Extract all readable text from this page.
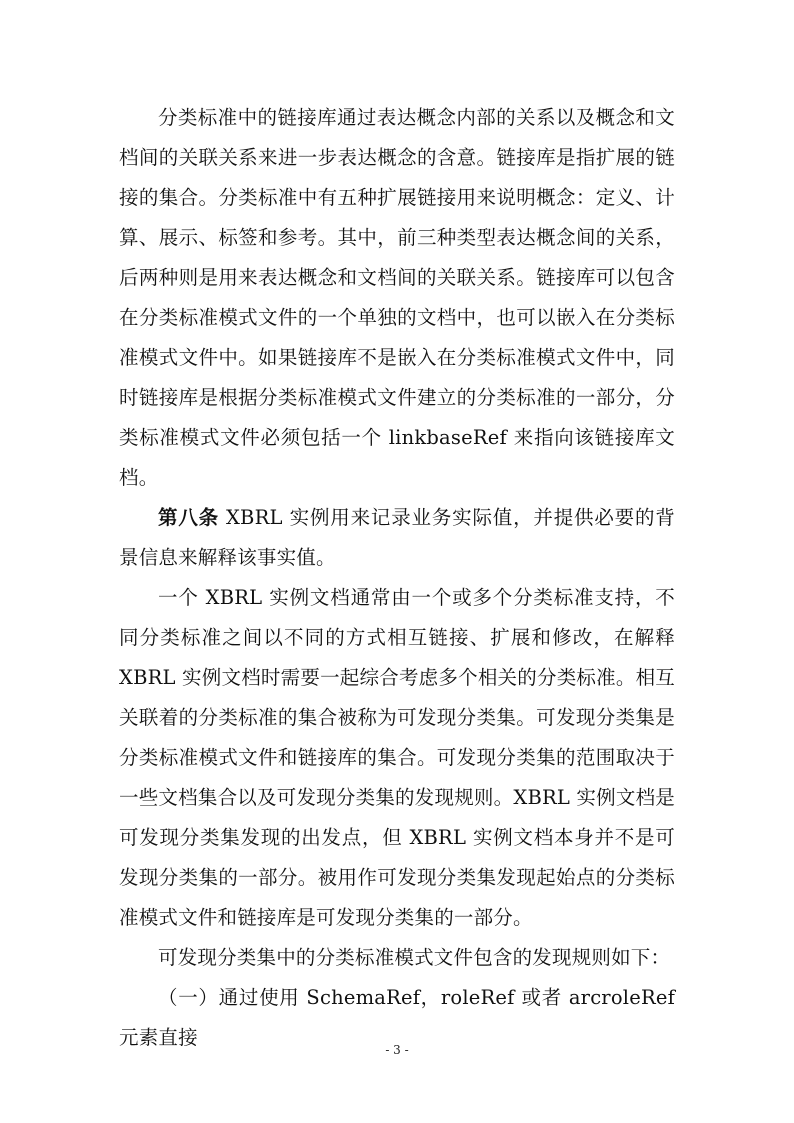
分类标准中的链接库通过表达概念内部的关系以及概念和文档间的关联关系来进一步表达概念的含意。链接库是指扩展的链接的集合。分类标准中有五种扩展链接用来说明概念：定义、计算、展示、标签和参考。其中，前三种类型表达概念间的关系，后两种则是用来表达概念和文档间的关联关系。链接库可以包含在分类标准模式文件的一个单独的文档中，也可以嵌入在分类标准模式文件中。如果链接库不是嵌入在分类标准模式文件中，同时链接库是根据分类标准模式文件建立的分类标准的一部分，分类标准模式文件必须包括一个 linkbaseRef 来指向该链接库文档。

第八条 XBRL 实例用来记录业务实际值，并提供必要的背景信息来解释该事实值。

一个 XBRL 实例文档通常由一个或多个分类标准支持，不同分类标准之间以不同的方式相互链接、扩展和修改，在解释 XBRL 实例文档时需要一起综合考虑多个相关的分类标准。相互关联着的分类标准的集合被称为可发现分类集。可发现分类集是分类标准模式文件和链接库的集合。可发现分类集的范围取决于一些文档集合以及可发现分类集的发现规则。XBRL 实例文档是可发现分类集发现的出发点，但 XBRL 实例文档本身并不是可发现分类集的一部分。被用作可发现分类集发现起始点的分类标准模式文件和链接库是可发现分类集的一部分。

可发现分类集中的分类标准模式文件包含的发现规则如下：

（一）通过使用 SchemaRef，roleRef 或者 arcroleRef 元素直接

- 3 -
